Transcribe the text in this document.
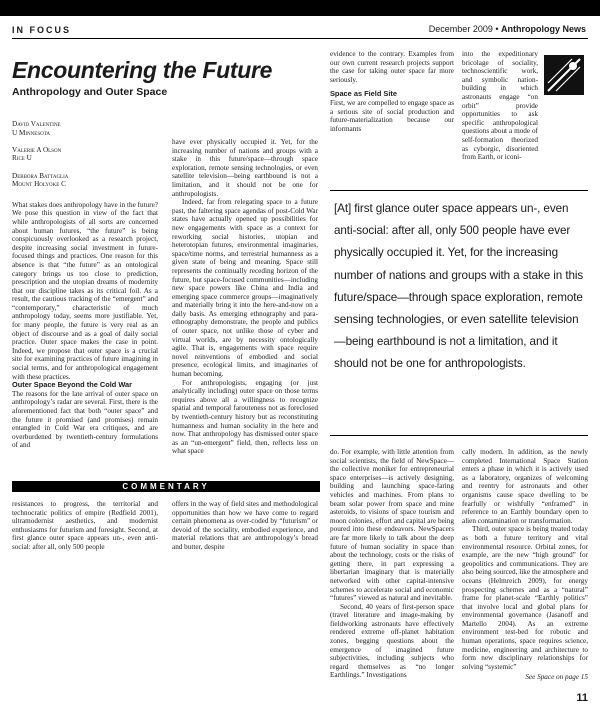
IN FOCUS	December 2009 • Anthropology News
Encountering the Future
Anthropology and Outer Space
David Valentine
U Minnesota
Valerie A Olson
Rice U
Debbora Battaglia
Mount Holyoke C

What stakes does anthropology have in the future? We pose this question in view of the fact that while anthropologists of all sorts are concerned about human futures, “the future” is being conspicuously overlooked as a research project, despite increasing social investment in future-focused things and practices. One reason for this absence is that “the future” as an ontological category brings us too close to prediction, prescription and the utopian dreams of modernity that our discipline takes as its critical foil. As a result, the cautious tracking of the “emergent” and “contemporary,” characteristic of much anthropology today, seems more justifiable. Yet, for many people, the future is very real as an object of discourse and as a goal of daily social practice. Outer space makes the case in point. Indeed, we propose that outer space is a crucial site for examining practices of future imagining in social terms, and for anthropological engagement with these practices.

Outer Space Beyond the Cold War

The reasons for the late arrival of outer space on anthropology’s radar are several. First, there is the aforementioned fact that both “outer space” and the future it promised (and promises) remain entangled in Cold War era critiques, and are overburdened by twentieth-century formulations of and

have ever physically occupied it. Yet, for the increasing number of nations and groups with a stake in this future/space—through space exploration, remote sensing technologies, or even satellite television—being earthbound is not a limitation, and it should not be one for anthropologists.

Indeed, far from relegating space to a future past, the faltering space agendas of post-Cold War states have actually opened up possibilities for new engagements with space as a context for reworking social histories, utopian and heterotopian futures, environmental imaginaries, space/time norms, and terrestrial humanness as a given state of being and meaning. Space still represents the continually receding horizon of the future, but space-focused communities—including new space powers like China and India and emerging space commerce groups—imaginatively and materially bring it into the here-and-now on a daily basis. As emerging ethnography and para-ethnography demonstrate, the people and publics of outer space, not unlike those of cyber and virtual worlds, are by necessity ontologically agile. That is, engagements with space require novel reinventions of embodied and social presence, ecological limits, and imaginaries of human becoming.

For anthropologists, engaging (or just analytically including) outer space on those terms requires above all a willingness to recognize spatial and temporal farouteness not as foreclosed by twentieth-century history but as reconstituting humanness and human sociality in the here and now. That anthropology has dismissed outer space as an “un-emergent” field, then, reflects less on what space

evidence to the contrary. Examples from our own current research projects support the case for taking outer space far more seriously.

Space as Field Site

First, we are compelled to engage space as a serious site of social production and future-materialization because our informants

into the expeditionary bricolage of sociality, technoscientific work, and symbolic nation-building in which astronauts engage “on orbit” provide opportunities to ask specific anthropological questions about a mode of self-formation theorized as cyborgic, disoriented from Earth, or iconi-

[At] first glance outer space appears un-, even anti-social: after all, only 500 people have ever physically occupied it. Yet, for the increasing number of nations and groups with a stake in this future/space—through space exploration, remote sensing technologies, or even satellite television—being earthbound is not a limitation, and it should not be one for anthropologists.

do. For example, with little attention from social scientists, the field of NewSpace—the collective moniker for entrepreneurial space enterprises—is actively designing, building and launching space-faring vehicles and machines. From plans to beam solar power from space and mine asteroids, to visions of space tourism and moon colonies, effort and capital are being poured into these endeavors. NewSpacers are far more likely to talk about the deep future of human sociality in space than about the technology, costs or the risks of getting there, in part expressing a libertarian imaginary that is materially networked with other capital-intensive schemes to accelerate social and economic “futures” viewed as natural and inevitable.

Second, 40 years of first-person space (travel literature and image-making by fieldworking astronauts have effectively rendered extreme off-planet habitation zones, begging questions about the emergence of imagined future subjectivities, including subjects who regard themselves as “no longer Earthlings.” Investigations

cally modern. In addition, as the newly completed International Space Station enters a phase in which it is actively used as a laboratory, organizes of welcoming and reentry for astronauts and other organisms cause space dwelling to be fearfully or wishfully “enframed” in reference to an Earthly boundary open to alien contamination or transformation.

Third, outer space is being treated today as both a future territory and vital environmental resource. Orbital zones, for example, are the new “high ground” for geopolitics and communications. They are also being sourced, like the atmosphere and oceans (Helmreich 2009), for energy prospecting schemes and as a “natural” frame for planet-scale “Earthly politics” that involve local and global plans for environmental governance (Jasanoff and Martello 2004). As an extreme environment test-bed for robotic and human operations, space requires science, medicine, engineering and architecture to form new disciplinary relationships for solving “systemic”

COMMENTARY

resistances to progress, the territorial and technocratic politics of empire (Redfield 2001), ultramodernist aesthetics, and modernist enthusiasms for futurism and foresight. Second, at first glance outer space appears un-, even anti-social: after all, only 500 people

offers in the way of field sites and methodological opportunities than how we have come to regard certain phenomena as over-coded by “futurism” or devoid of the sociality, embodied experience, and material relations that are anthropology’s bread and butter, despite

See Space on page 15
11
